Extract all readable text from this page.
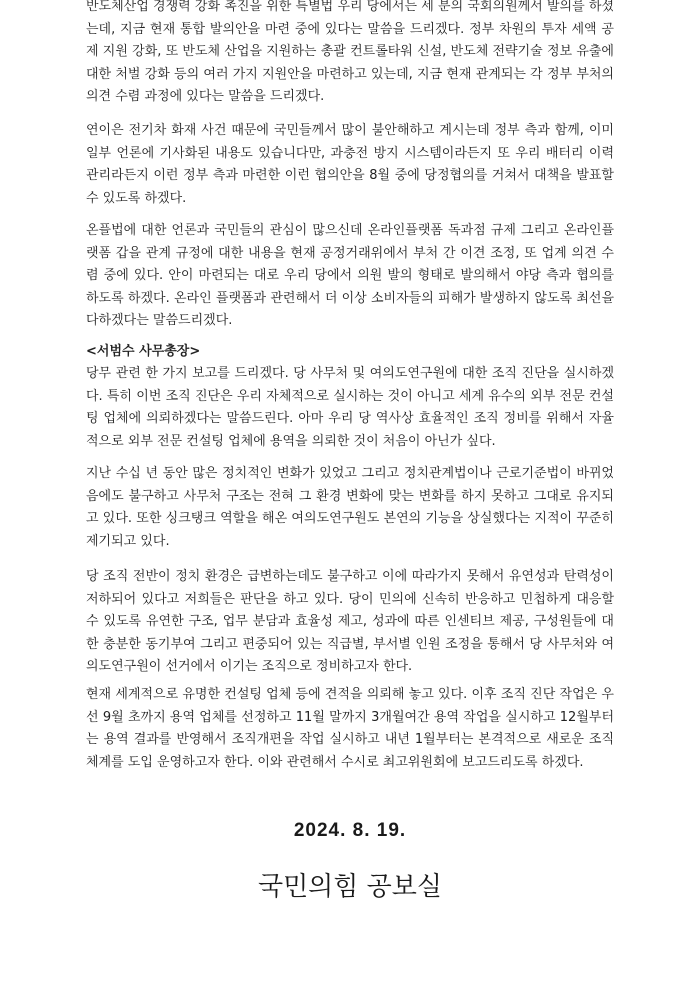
반도체산업 경쟁력 강화 촉진을 위한 특별법 우리 당에서는 세 분의 국회의원께서 발의를 하셨는데, 지금 현재 통합 발의안을 마련 중에 있다는 말씀을 드리겠다. 정부 차원의 투자 세액 공제 지원 강화, 또 반도체 산업을 지원하는 총괄 컨트롤타워 신설, 반도체 전략기술 정보 유출에 대한 처벌 강화 등의 여러 가지 지원안을 마련하고 있는데, 지금 현재 관계되는 각 정부 부처의 의견 수렴 과정에 있다는 말씀을 드리겠다.

연이은 전기차 화재 사건 때문에 국민들께서 많이 불안해하고 계시는데 정부 측과 함께, 이미 일부 언론에 기사화된 내용도 있습니다만, 과충전 방지 시스템이라든지 또 우리 배터리 이력 관리라든지 이런 정부 측과 마련한 이런 협의안을 8월 중에 당정협의를 거쳐서 대책을 발표할 수 있도록 하겠다.

온플법에 대한 언론과 국민들의 관심이 많으신데 온라인플랫폼 독과점 규제 그리고 온라인플랫폼 갑을 관계 규정에 대한 내용을 현재 공정거래위에서 부처 간 이견 조정, 또 업계 의견 수렴 중에 있다. 안이 마련되는 대로 우리 당에서 의원 발의 형태로 발의해서 야당 측과 협의를 하도록 하겠다. 온라인 플랫폼과 관련해서 더 이상 소비자들의 피해가 발생하지 않도록 최선을 다하겠다는 말씀드리겠다.

<서범수 사무총장>

당무 관련 한 가지 보고를 드리겠다. 당 사무처 및 여의도연구원에 대한 조직 진단을 실시하겠다. 특히 이번 조직 진단은 우리 자체적으로 실시하는 것이 아니고 세계 유수의 외부 전문 컨설팅 업체에 의뢰하겠다는 말씀드린다. 아마 우리 당 역사상 효율적인 조직 정비를 위해서 자율적으로 외부 전문 컨설팅 업체에 용역을 의뢰한 것이 처음이 아닌가 싶다.

지난 수십 년 동안 많은 정치적인 변화가 있었고 그리고 정치관계법이나 근로기준법이 바뀌었음에도 불구하고 사무처 구조는 전혀 그 환경 변화에 맞는 변화를 하지 못하고 그대로 유지되고 있다. 또한 싱크탱크 역할을 해온 여의도연구원도 본연의 기능을 상실했다는 지적이 꾸준히 제기되고 있다.

당 조직 전반이 정치 환경은 급변하는데도 불구하고 이에 따라가지 못해서 유연성과 탄력성이 저하되어 있다고 저희들은 판단을 하고 있다. 당이 민의에 신속히 반응하고 민첩하게 대응할 수 있도록 유연한 구조, 업무 분담과 효율성 제고, 성과에 따른 인센티브 제공, 구성원들에 대한 충분한 동기부여 그리고 편중되어 있는 직급별, 부서별 인원 조정을 통해서 당 사무처와 여의도연구원이 선거에서 이기는 조직으로 정비하고자 한다.

현재 세계적으로 유명한 컨설팅 업체 등에 견적을 의뢰해 놓고 있다. 이후 조직 진단 작업은 우선 9월 초까지 용역 업체를 선정하고 11월 말까지 3개월여간 용역 작업을 실시하고 12월부터는 용역 결과를 반영해서 조직개편을 작업 실시하고 내년 1월부터는 본격적으로 새로운 조직 체계를 도입 운영하고자 한다. 이와 관련해서 수시로 최고위원회에 보고드리도록 하겠다.

2024. 8. 19.
국민의힘 공보실
